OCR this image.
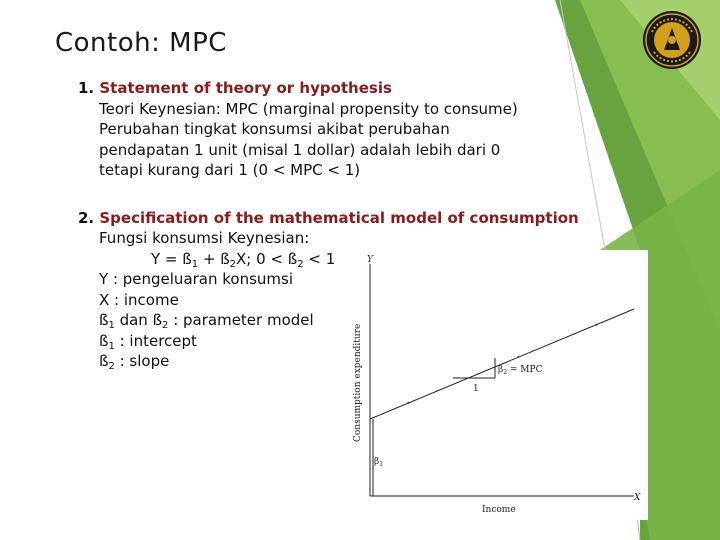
Contoh: MPC
1. Statement of theory or hypothesis
Teori Keynesian: MPC (marginal propensity to consume)
Perubahan tingkat konsumsi akibat perubahan
pendapatan 1 unit (misal 1 dollar) adalah lebih dari 0
tetapi kurang dari 1 (0 < MPC < 1)
2. Specification of the mathematical model of consumption
Fungsi konsumsi Keynesian:
$Y = ß_1$ + $ß_2X$; $0 < ß_2 < 1$
Y : pengeluaran konsumsi
X : income
$ß_1$ dan $ß_2$ : parameter model
$ß_1$ : intercept
$ß_2$ : slope
Y
X
Consumption expenditure
Income
$\beta_1$
$\beta_2$ = MPC
1
